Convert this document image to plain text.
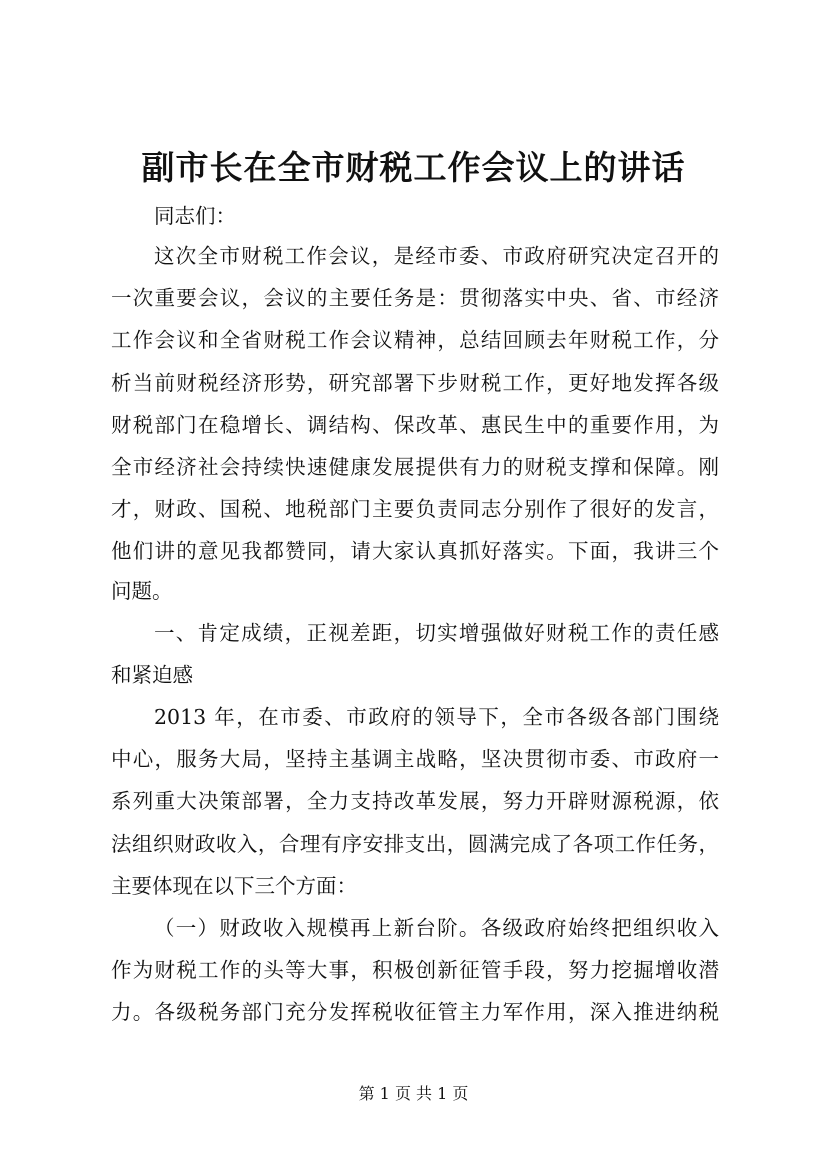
副市长在全市财税工作会议上的讲话
同志们：
这次全市财税工作会议，是经市委、市政府研究决定召开的
一次重要会议，会议的主要任务是：贯彻落实中央、省、市经济
工作会议和全省财税工作会议精神，总结回顾去年财税工作，分
析当前财税经济形势，研究部署下步财税工作，更好地发挥各级
财税部门在稳增长、调结构、保改革、惠民生中的重要作用，为
全市经济社会持续快速健康发展提供有力的财税支撑和保障。刚
才，财政、国税、地税部门主要负责同志分别作了很好的发言，
他们讲的意见我都赞同，请大家认真抓好落实。下面，我讲三个
问题。
一、肯定成绩，正视差距，切实增强做好财税工作的责任感
和紧迫感
2013 年，在市委、市政府的领导下，全市各级各部门围绕
中心，服务大局，坚持主基调主战略，坚决贯彻市委、市政府一
系列重大决策部署，全力支持改革发展，努力开辟财源税源，依
法组织财政收入，合理有序安排支出，圆满完成了各项工作任务，
主要体现在以下三个方面：
（一）财政收入规模再上新台阶。各级政府始终把组织收入
作为财税工作的头等大事，积极创新征管手段，努力挖掘增收潜
力。各级税务部门充分发挥税收征管主力军作用，深入推进纳税
第 1 页 共 1 页
